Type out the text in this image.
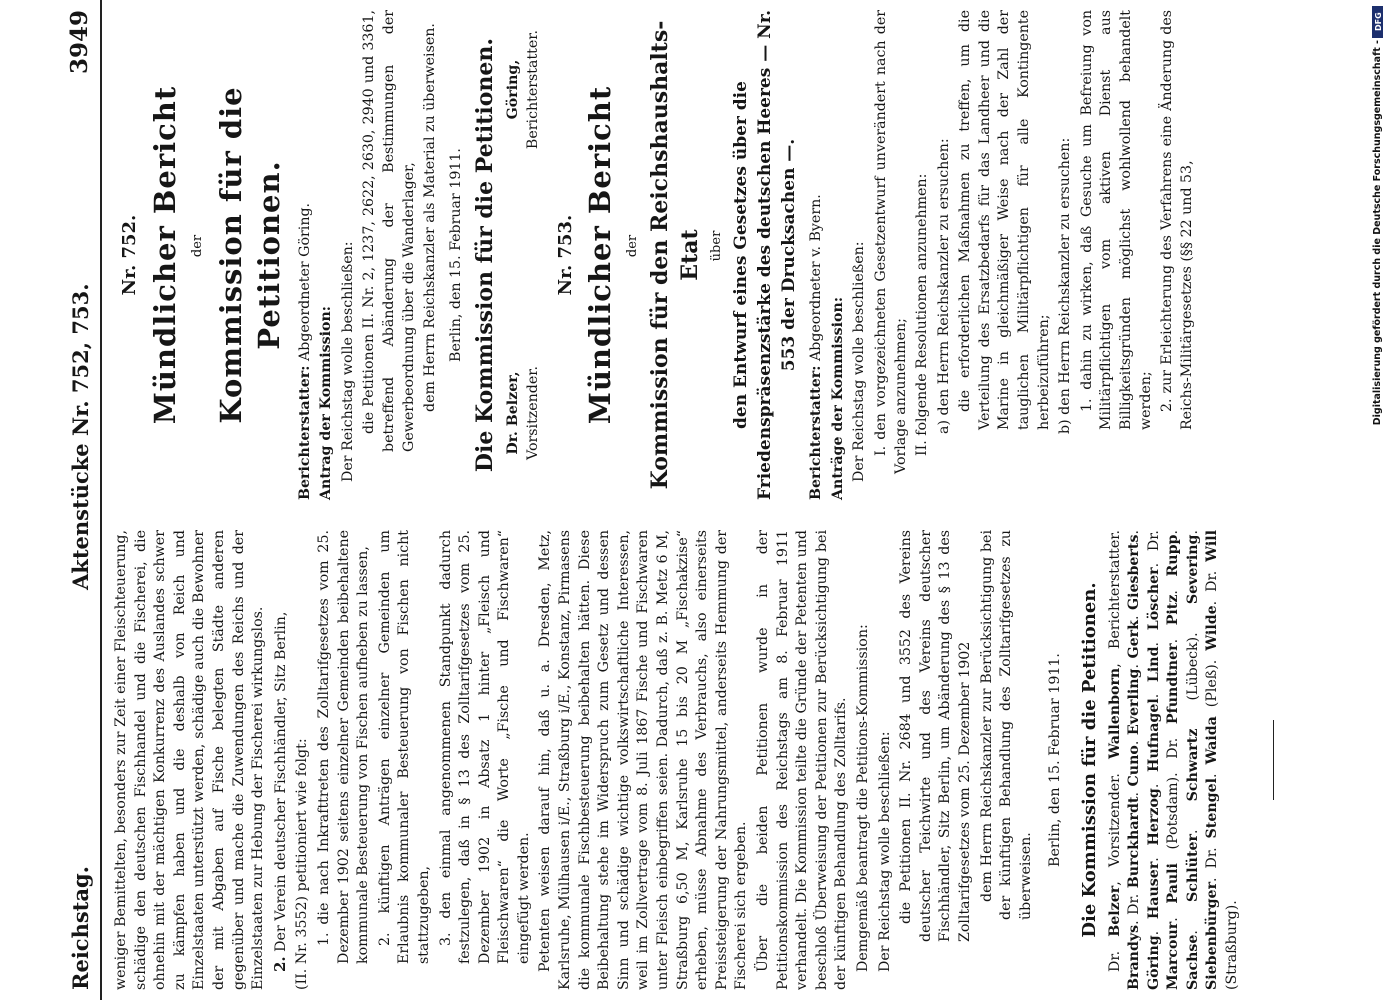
Reichstag.
Aktenstücke Nr. 752, 753.
3949

weniger Bemittelten, besonders zur Zeit einer Fleischteuerung, schädige den deutschen Fischhandel und die Fischerei, die ohnehin mit der mächtigen Konkurrenz des Auslandes schwer zu kämpfen haben und die deshalb von Reich und Einzelstaaten unterstützt werden, schädige auch die Bewohner der mit Abgaben auf Fische belegten Städte anderen gegenüber und mache die Zuwendungen des Reichs und der Einzelstaaten zur Hebung der Fischerei wirkungslos. 2. Der Verein deutscher Fischhändler, Sitz Berlin, (II. Nr. 3552) petitioniert wie folgt: 1. die nach Inkrafttreten des Zolltarifgesetzes vom 25. Dezember 1902 seitens einzelner Gemeinden beibehaltene kommunale Besteuerung von Fischen aufheben zu lassen, 2. künftigen Anträgen einzelner Gemeinden um Erlaubnis kommunaler Besteuerung von Fischen nicht stattzugeben, 3. den einmal angenommenen Standpunkt dadurch festzulegen, daß in § 13 des Zolltarifgesetzes vom 25. Dezember 1902 in Absatz 1 hinter „Fleisch und Fleischwaren“ die Worte „Fische und Fischwaren“ eingefügt werden. Petenten weisen darauf hin, daß u. a. Dresden, Metz, Karlsruhe, Mülhausen i/E., Straßburg i/E., Konstanz, Pirmasens die kommunale Fischbesteuerung beibehalten hätten. Diese Beibehaltung stehe im Widerspruch zum Gesetz und dessen Sinn und schädige wichtige volkswirtschaftliche Interessen, weil im Zollvertrage vom 8. Juli 1867 Fische und Fischwaren unter Fleisch einbegriffen seien. Dadurch, daß z. B. Metz 6 M, Straßburg 6,50 M, Karlsruhe 15 bis 20 M „Fischakzise“ erheben, müsse Abnahme des Verbrauchs, also einerseits Preissteigerung der Nahrungsmittel, anderseits Hemmung der Fischerei sich ergeben. Über die beiden Petitionen wurde in der Petitionskommission des Reichstags am 8. Februar 1911 verhandelt. Die Kommission teilte die Gründe der Petenten und beschloß Überweisung der Petitionen zur Berücksichtigung bei der künftigen Behandlung des Zolltarifs. Demgemäß beantragt die Petitions-Kommission: Der Reichstag wolle beschließen: die Petitionen II. Nr. 2684 und 3552 des Vereins deutscher Teichwirte und des Vereins deutscher Fischhändler, Sitz Berlin, um Abänderung des § 13 des Zolltarifgesetzes vom 25. Dezember 1902 dem Herrn Reichskanzler zur Berücksichtigung bei der künftigen Behandlung des Zolltarifgesetzes zu überweisen.

Berlin, den 15. Februar 1911. Die Kommission für die Petitionen.

Dr. Belzer, Vorsitzender. Wallenborn, Berichterstatter. Brandys. Dr. Burckhardt. Cuno. Everling. Gerk. Giesberts. Göring. Hauser. Herzog. Hufnagel. Lind. Löscher. Dr. Marcour. Pauli (Potsdam). Dr. Pfundtner. Pitz. Rupp. Sachse. Schlüter. Schwartz (Lübeck). Severing. Siebenbürger. Dr. Stengel. Waida (Pleß). Wilde. Dr. Will (Straßburg).

Nr. 752. Mündlicher Bericht der Kommission für die Petitionen.

Berichterstatter: Abgeordneter Göring.

Antrag der Kommission: Der Reichstag wolle beschließen: die Petitionen II. Nr. 2, 1237, 2622, 2630, 2940 und 3361, betreffend Abänderung der Bestimmungen der Gewerbeordnung über die Wanderlager, dem Herrn Reichskanzler als Material zu überweisen. Berlin, den 15. Februar 1911. Die Kommission für die Petitionen. Dr. Belzer, Vorsitzender.
Göring, Berichterstatter.
Nr. 753. Mündlicher Bericht der Kommission für den Reichshaushalts-Etat über den Entwurf eines Gesetzes über die Friedenspräsenzstärke des deutschen Heeres — Nr. 553 der Drucksachen —.

Berichterstatter: Abgeordneter v. Byern.

Anträge der Kommission: Der Reichstag wolle beschließen: I. den vorgezeichneten Gesetzentwurf unverändert nach der Vorlage anzunehmen; II. folgende Resolutionen anzunehmen: a) den Herrn Reichskanzler zu ersuchen: die erforderlichen Maßnahmen zu treffen, um die Verteilung des Ersatzbedarfs für das Landheer und die Marine in gleichmäßiger Weise nach der Zahl der tauglichen Militärpflichtigen für alle Kontingente herbeizuführen; b) den Herrn Reichskanzler zu ersuchen: 1. dahin zu wirken, daß Gesuche um Befreiung von Militärpflichtigen vom aktiven Dienst aus Billigkeitsgründen möglichst wohlwollend behandelt werden; 2. zur Erleichterung des Verfahrens eine Änderung des Reichs-Militärgesetzes (§§ 22 und 53,	Digitalisierung gefördert durch die Deutsche Forschungsgemeinschaft -
DFG
